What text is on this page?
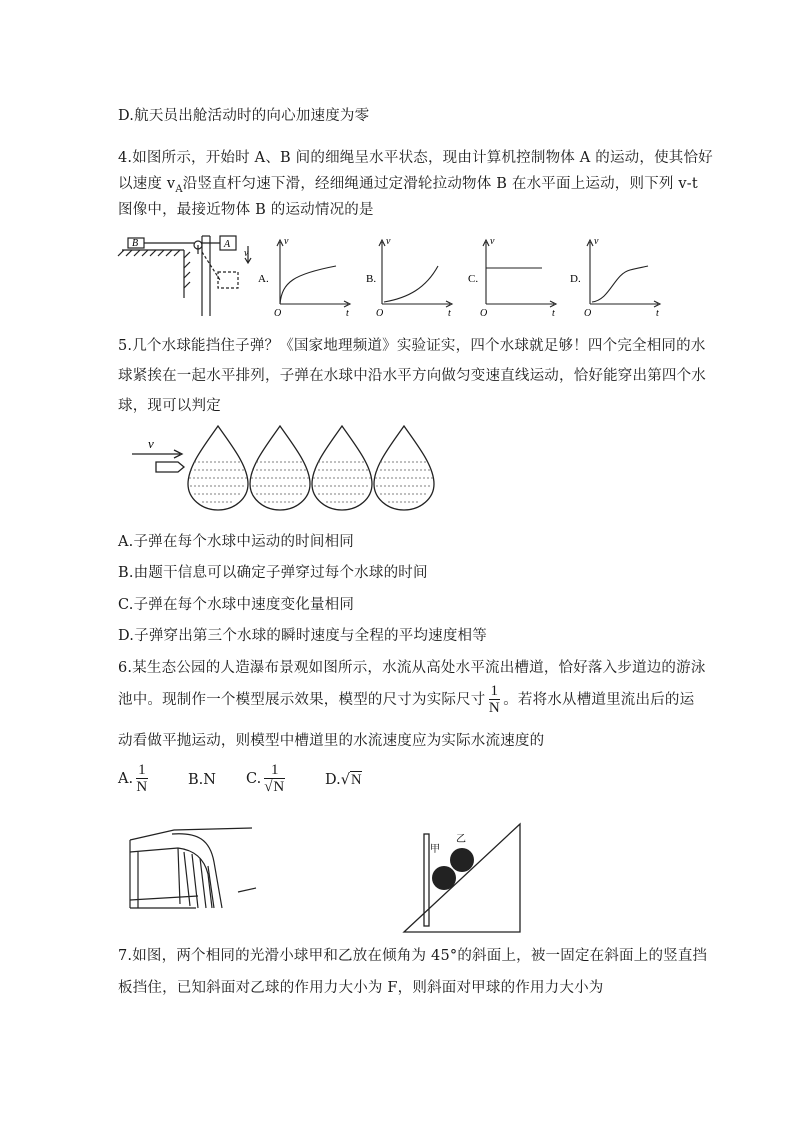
D.航天员出舱活动时的向心加速度为零
4.如图所示，开始时 A、B 间的细绳呈水平状态，现由计算机控制物体 A 的运动，使其恰好
以速度 $v_A$沿竖直杆匀速下滑，经细绳通过定滑轮拉动物体 B 在水平面上运动，则下列 v-t
图像中，最接近物体 B 的运动情况的是
B	A
v
A.
v
O	t
B.
v
O	t
C.
v
O	t
D.
v
O	t
5.几个水球能挡住子弹？《国家地理频道》实验证实，四个水球就足够！四个完全相同的水
球紧挨在一起水平排列，子弹在水球中沿水平方向做匀变速直线运动，恰好能穿出第四个水
球，现可以判定
v
A.子弹在每个水球中运动的时间相同
B.由题干信息可以确定子弹穿过每个水球的时间
C.子弹在每个水球中速度变化量相同
D.子弹穿出第三个水球的瞬时速度与全程的平均速度相等
6.某生态公园的人造瀑布景观如图所示，水流从高处水平流出槽道，恰好落入步道边的游泳
池中。现制作一个模型展示效果，模型的尺寸为实际尺寸 $\frac{1}{N}$ 。若将水从槽道里流出后的运
动看做平抛运动，则模型中槽道里的水流速度应为实际水流速度的
A. $\frac{1}{N}$	B.N C. $\frac{1}{√N}$	D.√N
甲
乙
7.如图，两个相同的光滑小球甲和乙放在倾角为 45°的斜面上，被一固定在斜面上的竖直挡
板挡住，已知斜面对乙球的作用力大小为 F，则斜面对甲球的作用力大小为
